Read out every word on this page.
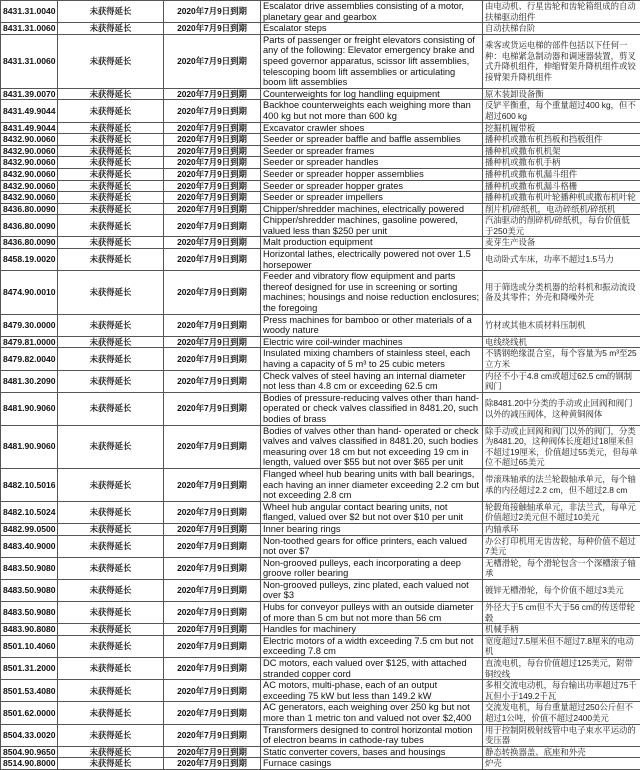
8431.31.0040	未获得延长	2020年7月9日到期	Escalator drive assemblies consisting of a motor, planetary gear and gearbox	由电动机、行星齿轮和齿轮箱组成的自动扶梯驱动组件
8431.31.0060	未获得延长	2020年7月9日到期	Escalator steps	自动扶梯台阶
8431.31.0060	未获得延长	2020年7月9日到期	Parts of passenger or freight elevators consisting of any of the following: Elevator emergency brake and speed governor apparatus, scissor lift assemblies, telescoping boom lift assemblies or articulating boom lift assemblies	乘客或货运电梯的部件包括以下任何一种：电梯紧急制动器和调速器装置，剪叉式升降机组件，伸缩臂架升降机组件或铰接臂架升降机组件
8431.39.0070	未获得延长	2020年7月9日到期	Counterweights for log handling equipment	原木装卸设备衡
8431.49.9044	未获得延长	2020年7月9日到期	Backhoe counterweights each weighing more than 400 kg but not more than 600 kg	反铲平衡重，每个重量超过400 kg，但不超过600 kg
8431.49.9044	未获得延长	2020年7月9日到期	Excavator crawler shoes	挖掘机履带板
8432.90.0060	未获得延长	2020年7月9日到期	Seeder or spreader baffle and baffle assemblies	播种机或撒布机挡板和挡板组件
8432.90.0060	未获得延长	2020年7月9日到期	Seeder or spreader frames	播种机或撒布机机架
8432.90.0060	未获得延长	2020年7月9日到期	Seeder or spreader handles	播种机或撒布机手柄
8432.90.0060	未获得延长	2020年7月9日到期	Seeder or spreader hopper assemblies	播种机或撒布机漏斗组件
8432.90.0060	未获得延长	2020年7月9日到期	Seeder or spreader hopper grates	播种机或撒布机漏斗格栅
8432.90.0060	未获得延长	2020年7月9日到期	Seeder or spreader impellers	播种机或撒布机叶轮播种机或撒布机叶轮
8436.80.0090	未获得延长	2020年7月9日到期	Chipper/shredder machines, electrically powered	削片机/碎纸机，电动碎纸机/碎纸机
8436.80.0090	未获得延长	2020年7月9日到期	Chipper/shredder machines, gasoline powered, valued less than $250 per unit	汽油驱动的削碎机/碎纸机，每台价值低于250美元
8436.80.0090	未获得延长	2020年7月9日到期	Malt production equipment	麦芽生产设备
8458.19.0020	未获得延长	2020年7月9日到期	Horizontal lathes, electrically powered not over 1.5 horsepower	电动卧式车床，功率不超过1.5马力
8474.90.0010	未获得延长	2020年7月9日到期	Feeder and vibratory flow equipment and parts thereof designed for use in screening or sorting machines; housings and noise reduction enclosures; the foregoing	用于筛选或分类机器的给料机和振动流设备及其零件；外壳和降噪外壳
8479.30.0000	未获得延长	2020年7月9日到期	Press machines for bamboo or other materials of a woody nature	竹材或其他木质材料压制机
8479.81.0000	未获得延长	2020年7月9日到期	Electric wire coil-winder machines	电线绕线机
8479.82.0040	未获得延长	2020年7月9日到期	Insulated mixing chambers of stainless steel, each having a capacity of 5 m³ to 25 cubic meters	不锈钢绝缘混合室，每个容量为5 m³至25立方米
8481.30.2090	未获得延长	2020年7月9日到期	Check valves of steel having an internal diameter not less than 4.8 cm or exceeding 62.5 cm	内径不小于4.8 cm或超过62.5 cm的钢制阀门
8481.90.9060	未获得延长	2020年7月9日到期	Bodies of pressure-reducing valves other than hand-operated or check valves classified in 8481.20, such bodies of brass	除8481.20中分类的手动或止回阀和阀门以外的减压阀体，这种黄铜阀体
8481.90.9060	未获得延长	2020年7月9日到期	Bodies of valves other than hand- operated or check valves and valves classified in 8481.20, such bodies measuring over 18 cm but not exceeding 19 cm in length, valued over $55 but not over $65 per unit	除手动或止回阀和阀门以外的阀门，分类为8481.20，这种阀体长度超过18厘米但不超过19厘米，价值超过55美元，但每单位不超过65美元
8482.10.5016	未获得延长	2020年7月9日到期	Flanged wheel hub bearing units with ball bearings, each having an inner diameter exceeding 2.2 cm but not exceeding 2.8 cm	带滚珠轴承的法兰轮毂轴承单元，每个轴承的内径超过2.2 cm，但不超过2.8 cm
8482.10.5024	未获得延长	2020年7月9日到期	Wheel hub angular contact bearing units, not flanged, valued over $2 but not over $10 per unit	轮毂角接触轴承单元，非法兰式，每单元价值超过2美元但不超过10美元
8482.99.0500	未获得延长	2020年7月9日到期	Inner bearing rings	内轴承环
8483.40.9000	未获得延长	2020年7月9日到期	Non-toothed gears for office printers, each valued not over $7	办公打印机用无齿齿轮，每种价值不超过7美元
8483.50.9080	未获得延长	2020年7月9日到期	Non-grooved pulleys, each incorporating a deep groove roller bearing	无槽滑轮，每个滑轮包含一个深槽滚子轴承
8483.50.9080	未获得延长	2020年7月9日到期	Non-grooved pulleys, zinc plated, each valued not over $3	镀锌无槽滑轮，每个价值不超过3美元
8483.50.9080	未获得延长	2020年7月9日到期	Hubs for conveyor pulleys with an outside diameter of more than 5 cm but not more than 56 cm	外径大于5 cm但不大于56 cm的传送带轮毂
8483.90.8080	未获得延长	2020年7月9日到期	Handles for machinery	机械手柄
8501.10.4060	未获得延长	2020年7月9日到期	Electric motors of a width exceeding 7.5 cm but not exceeding 7.8 cm	宽度超过7.5厘米但不超过7.8厘米的电动机
8501.31.2000	未获得延长	2020年7月9日到期	DC motors, each valued over $125, with attached stranded copper cord	直流电机，每台价值超过125美元，附带铜绞线
8501.53.4080	未获得延长	2020年7月9日到期	AC motors, multi-phase, each of an output exceeding 75 kW but less than 149.2 kW	多相交流电动机，每台输出功率超过75千瓦但小于149.2千瓦
8501.62.0000	未获得延长	2020年7月9日到期	AC generators, each weighing over 250 kg but not more than 1 metric ton and valued not over $2,400	交流发电机，每台重量超过250公斤但不超过1公吨，价值不超过2400美元
8504.33.0020	未获得延长	2020年7月9日到期	Transformers designed to control horizontal motion of electron beams in cathode-ray tubes	用于控制阴极射线管中电子束水平运动的变压器
8504.90.9650	未获得延长	2020年7月9日到期	Static converter covers, bases and housings	静态转换器盖、底座和外壳
8514.90.8000	未获得延长	2020年7月9日到期	Furnace casings	炉壳
